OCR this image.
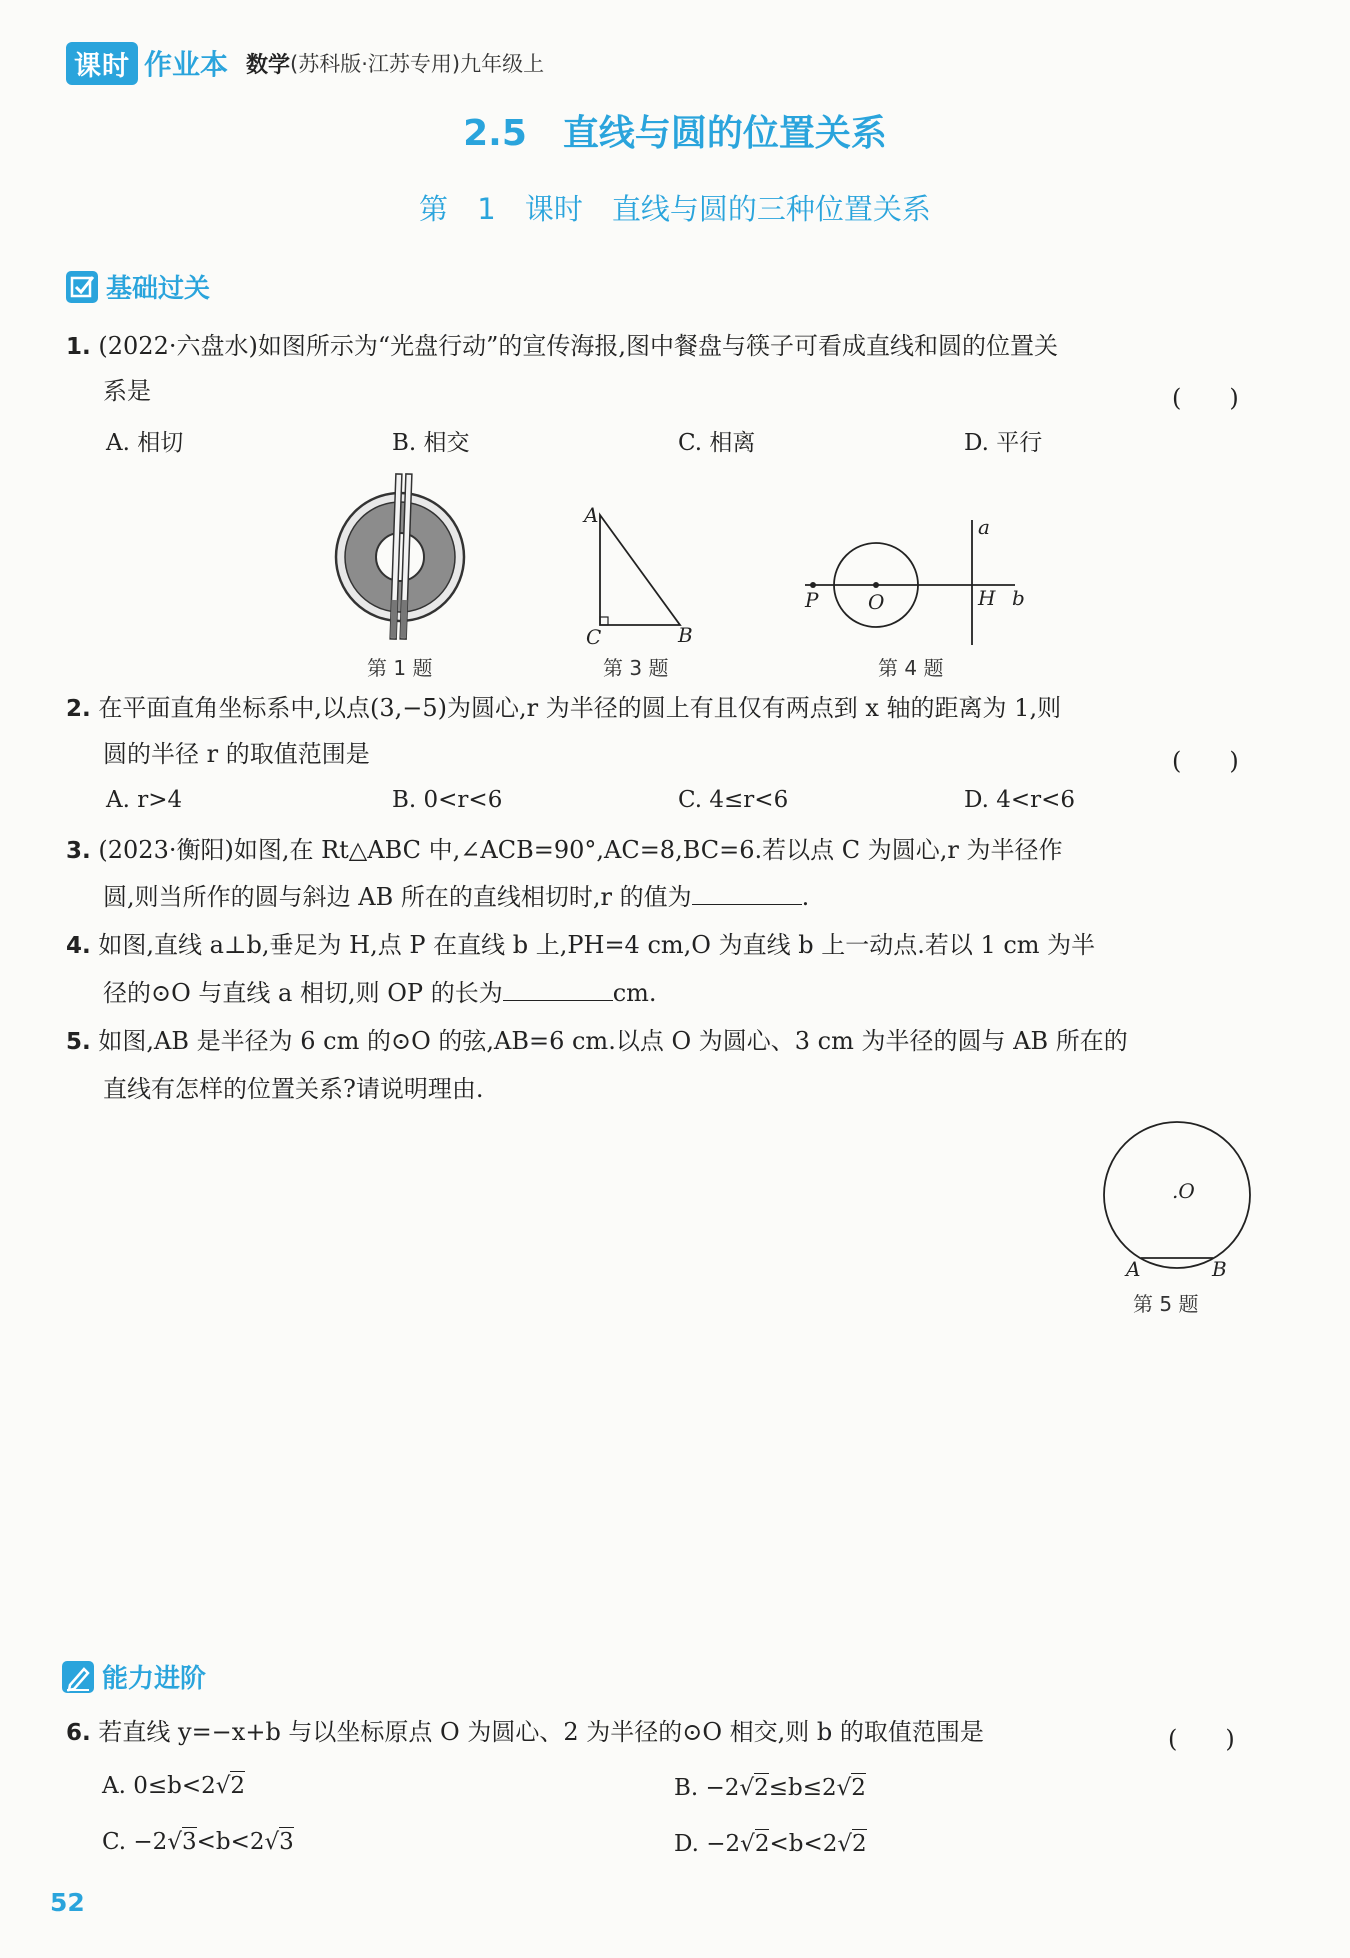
课时 作业本 数学 (苏科版·江苏专用)九年级上
2.5　直线与圆的位置关系
第 1 课时　直线与圆的三种位置关系
基础过关
1. (2022·六盘水)如图所示为“光盘行动”的宣传海报,图中餐盘与筷子可看成直线和圆的位置关
系是	(　　)
A. 相切	B. 相交	C. 相离	D. 平行
第 1 题
A
C	B
第 3 题
a
b
P O	H
第 4 题
2. 在平面直角坐标系中,以点(3,−5)为圆心,r 为半径的圆上有且仅有两点到 x 轴的距离为 1,则
圆的半径 r 的取值范围是	(　　)
A. r>4	B. 0<r<6	C. 4≤r<6	D. 4<r<6
3. (2023·衡阳)如图,在 Rt△ABC 中,∠ACB=90°,AC=8,BC=6.若以点 C 为圆心,r 为半径作
圆,则当所作的圆与斜边 AB 所在的直线相切时,r 的值为	.
4. 如图,直线 a⊥b,垂足为 H,点 P 在直线 b 上,PH=4 cm,O 为直线 b 上一动点.若以 1 cm 为半
径的⊙O 与直线 a 相切,则 OP 的长为	cm.
5. 如图,AB 是半径为 6 cm 的⊙O 的弦,AB=6 cm.以点 O 为圆心、3 cm 为半径的圆与 AB 所在的
直线有怎样的位置关系?请说明理由.
.O
A	B
第 5 题
能力进阶
6. 若直线 y=−x+b 与以坐标原点 O 为圆心、2 为半径的⊙O 相交,则 b 的取值范围是	(　　)
A. 0≤b<2√2	B. −2√2≤b≤2√2
C. −2√3<b<2√3	D. −2√2<b<2√2
52
